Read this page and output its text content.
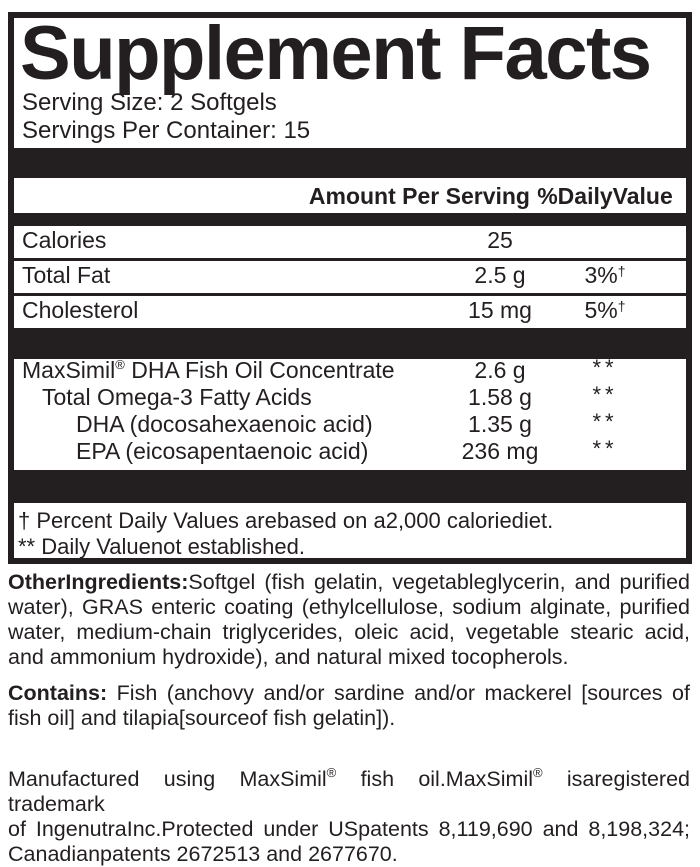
Supplement Facts
Serving Size: 2 Softgels
Servings Per Container: 15
Amount Per Serving %DailyValue
Calories	25
Total Fat	2.5 g	3%†
Cholesterol	15 mg 5%†
MaxSimil® DHA Fish Oil Concentrate	2.6 g	**
Total Omega-3 Fatty Acids	1.58 g	**
DHA (docosahexaenoic acid)	1.35 g	**
EPA (eicosapentaenoic acid)	236 mg **
† Percent Daily Values arebased on a2,000 caloriediet.
** Daily Valuenot established.
OtherIngredients:Softgel (fish gelatin, vegetableglycerin, and purified
water), GRAS enteric coating (ethylcellulose, sodium alginate, purified
water, medium-chain triglycerides, oleic acid, vegetable stearic acid,
and ammonium hydroxide), and natural mixed tocopherols.
Contains: Fish (anchovy and/or sardine and/or mackerel [sources of
fish oil] and tilapia[sourceof fish gelatin]).
Manufactured using MaxSimil® fish oil.MaxSimil® isaregistered trademark
of IngenutraInc.Protected under USpatents 8,119,690 and 8,198,324;
Canadianpatents 2672513 and 2677670.
